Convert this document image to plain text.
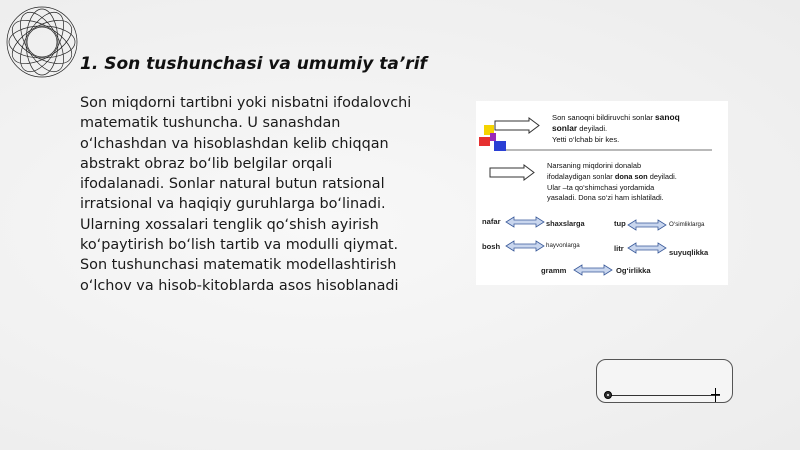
1. Son tushunchasi va umumiy ta’rif
Son miqdorni tartibni yoki nisbatni ifodalovchi matematik tushuncha. U sanashdan o‘lchashdan va hisoblashdan kelib chiqqan abstrakt obraz bo‘lib belgilar orqali ifodalanadi. Sonlar natural butun ratsional irratsional va haqiqiy guruhlarga bo‘linadi. Ularning xossalari tenglik qo‘shish ayirish ko‘paytirish bo‘lish tartib va modulli qiymat. Son tushunchasi matematik modellashtirish o‘lchov va hisob-kitoblarda asos hisoblanadi
Son sanoqni bildiruvchi sonlar sanoq
sonlar deyiladi.
Yetti o‘lchab bir kes.
Narsaning miqdorini donalab
ifodalaydigan sonlar dona son deyiladi.
Ular –ta qo‘shimchasi yordamida
yasaladi. Dona so‘zi ham ishlatiladi.
nafar	shaxslarga	tup	O‘simliklarga
bosh	hayvonlarga	litr	suyuqlikka
gramm	Og‘irlikka
